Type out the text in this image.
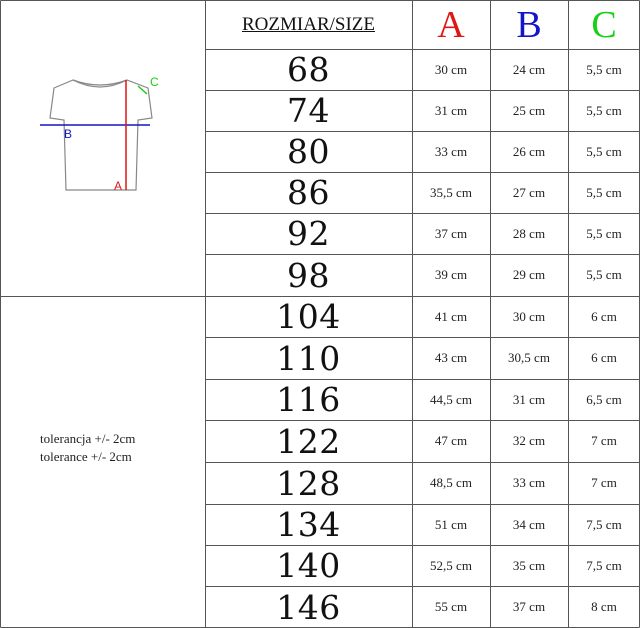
C
B
A
tolerancja +/- 2cm
tolerance +/- 2cm
ROZMIAR/SIZE	A	B	C
68	30 cm	24 cm	5,5 cm
74	31 cm	25 cm	5,5 cm
80	33 cm	26 cm	5,5 cm
86	35,5 cm	27 cm	5,5 cm
92	37 cm	28 cm	5,5 cm
98	39 cm	29 cm	5,5 cm
104	41 cm	30 cm	6 cm
110	43 cm	30,5 cm	6 cm
116	44,5 cm	31 cm	6,5 cm
122	47 cm	32 cm	7 cm
128	48,5 cm	33 cm	7 cm
134	51 cm	34 cm	7,5 cm
140	52,5 cm	35 cm	7,5 cm
146	55 cm	37 cm	8 cm
